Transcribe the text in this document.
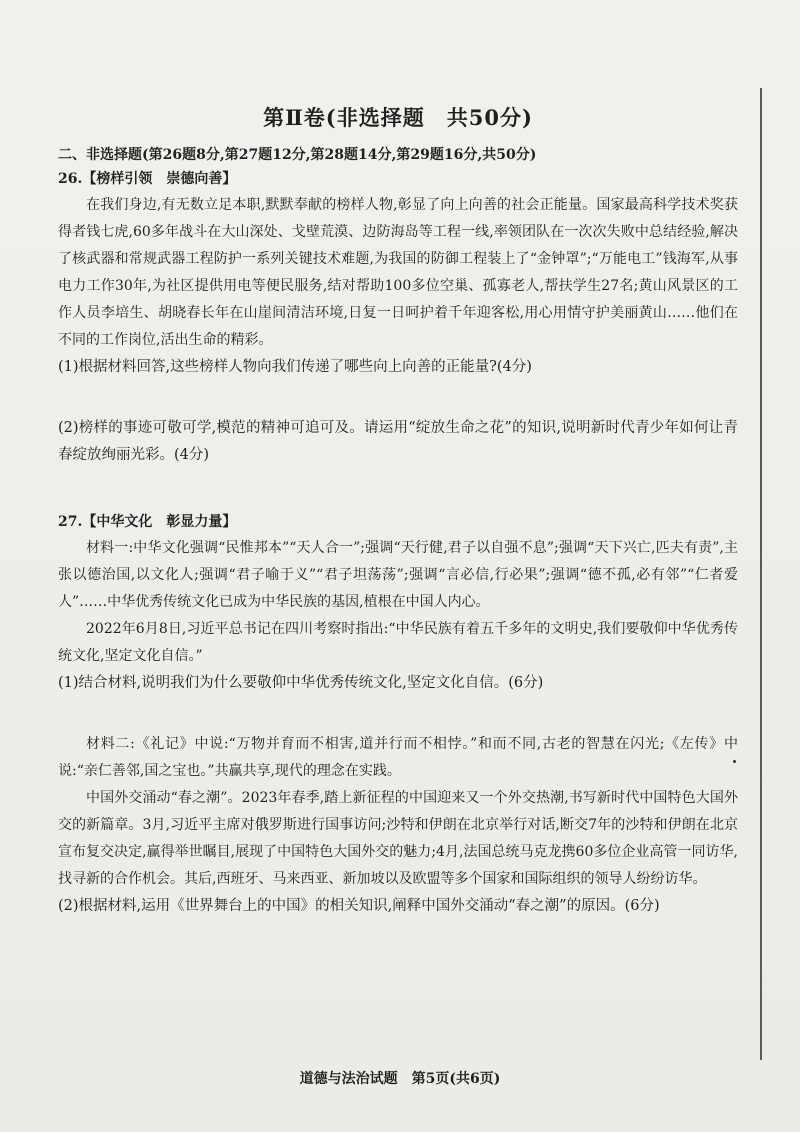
第Ⅱ卷(非选择题　共50分)
二、非选择题(第26题8分,第27题12分,第28题14分,第29题16分,共50分)
26.【榜样引领　崇德向善】

在我们身边,有无数立足本职,默默奉献的榜样人物,彰显了向上向善的社会正能量。国家最高科学技术奖获得者钱七虎,60多年战斗在大山深处、戈壁荒漠、边防海岛等工程一线,率领团队在一次次失败中总结经验,解决了核武器和常规武器工程防护一系列关键技术难题,为我国的防御工程装上了“金钟罩”;“万能电工”钱海军,从事电力工作30年,为社区提供用电等便民服务,结对帮助100多位空巢、孤寡老人,帮扶学生27名;黄山风景区的工作人员李培生、胡晓春长年在山崖间清洁环境,日复一日呵护着千年迎客松,用心用情守护美丽黄山……他们在不同的工作岗位,活出生命的精彩。

(1)根据材料回答,这些榜样人物向我们传递了哪些向上向善的正能量?(4分)

(2)榜样的事迹可敬可学,模范的精神可追可及。请运用“绽放生命之花”的知识,说明新时代青少年如何让青春绽放绚丽光彩。(4分)

27.【中华文化　彰显力量】

材料一:中华文化强调“民惟邦本”“天人合一”;强调“天行健,君子以自强不息”;强调“天下兴亡,匹夫有责”,主张以德治国,以文化人;强调“君子喻于义”“君子坦荡荡”;强调“言必信,行必果”;强调“德不孤,必有邻”“仁者爱人”……中华优秀传统文化已成为中华民族的基因,植根在中国人内心。

2022年6月8日,习近平总书记在四川考察时指出:“中华民族有着五千多年的文明史,我们要敬仰中华优秀传统文化,坚定文化自信。”

(1)结合材料,说明我们为什么要敬仰中华优秀传统文化,坚定文化自信。(6分)

材料二:《礼记》中说:“万物并育而不相害,道并行而不相悖。”和而不同,古老的智慧在闪光;《左传》中说:“亲仁善邻,国之宝也。”共赢共享,现代的理念在实践。

中国外交涌动“春之潮”。2023年春季,踏上新征程的中国迎来又一个外交热潮,书写新时代中国特色大国外交的新篇章。3月,习近平主席对俄罗斯进行国事访问;沙特和伊朗在北京举行对话,断交7年的沙特和伊朗在北京宣布复交决定,赢得举世瞩目,展现了中国特色大国外交的魅力;4月,法国总统马克龙携60多位企业高管一同访华,找寻新的合作机会。其后,西班牙、马来西亚、新加坡以及欧盟等多个国家和国际组织的领导人纷纷访华。

(2)根据材料,运用《世界舞台上的中国》的相关知识,阐释中国外交涌动“春之潮”的原因。(6分)

道德与法治试题　第5页(共6页)
